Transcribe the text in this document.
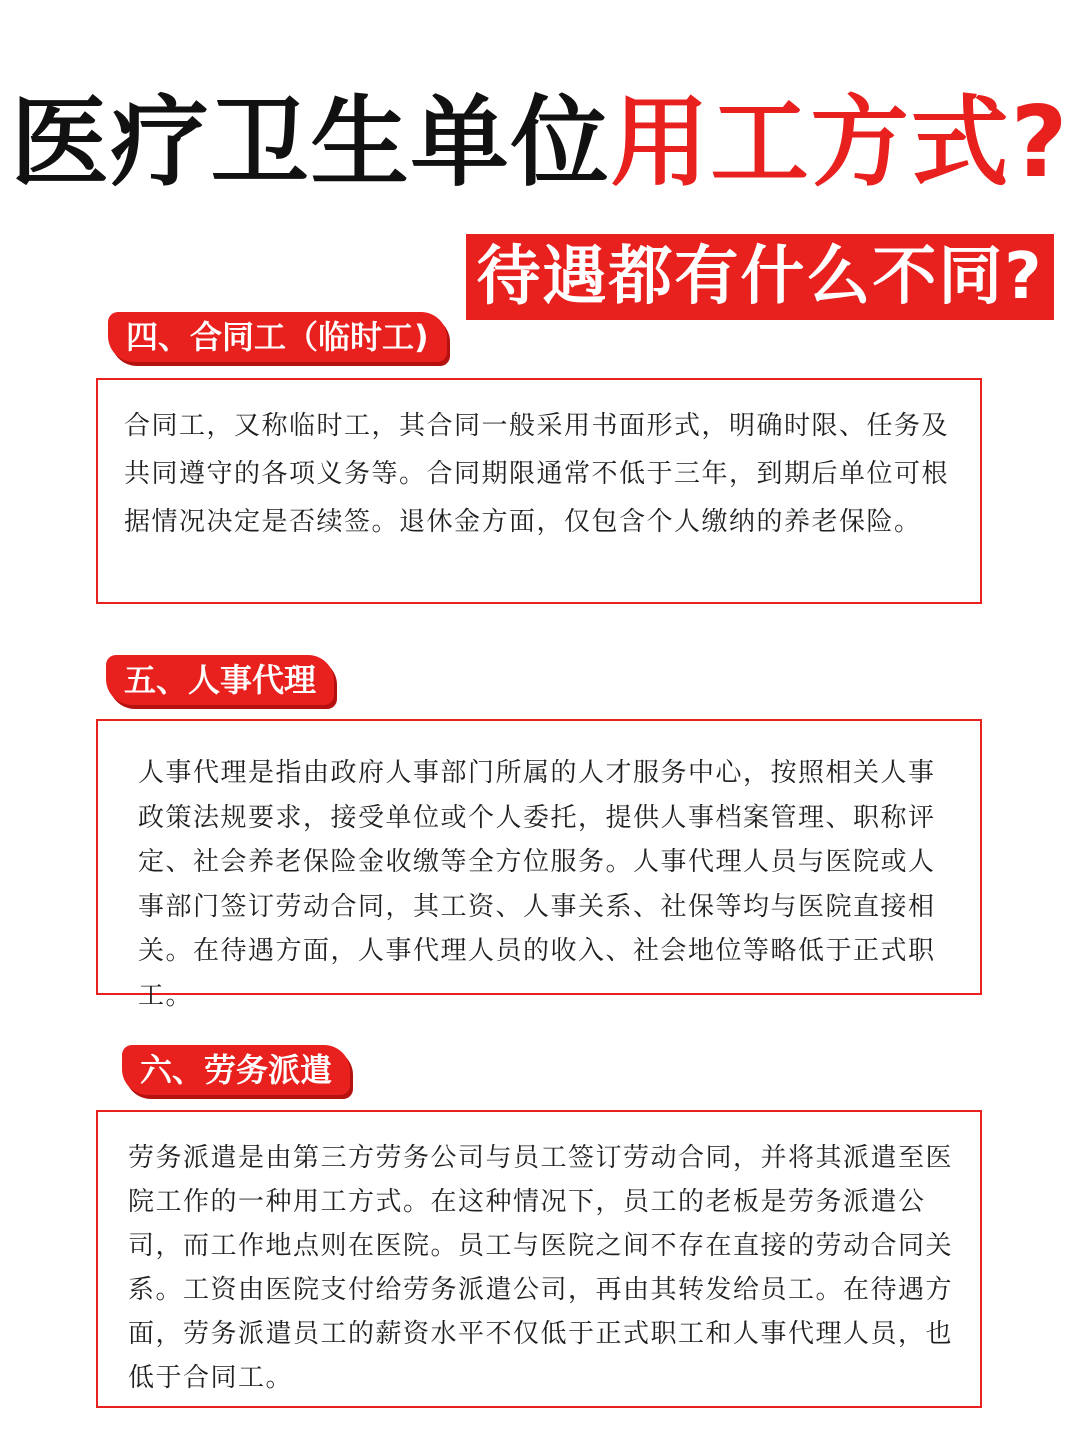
医疗卫生单位用工方式?
待遇都有什么不同?
四、合同工（临时工)

合同工，又称临时工，其合同一般采用书面形式，明确时限、任务及共同遵守的各项义务等。合同期限通常不低于三年，到期后单位可根据情况决定是否续签。退休金方面，仅包含个人缴纳的养老保险。

五、人事代理

人事代理是指由政府人事部门所属的人才服务中心，按照相关人事政策法规要求，接受单位或个人委托，提供人事档案管理、职称评定、社会养老保险金收缴等全方位服务。人事代理人员与医院或人事部门签订劳动合同，其工资、人事关系、社保等均与医院直接相关。在待遇方面，人事代理人员的收入、社会地位等略低于正式职工。

六、劳务派遣

劳务派遣是由第三方劳务公司与员工签订劳动合同，并将其派遣至医院工作的一种用工方式。在这种情况下，员工的老板是劳务派遣公司，而工作地点则在医院。员工与医院之间不存在直接的劳动合同关系。工资由医院支付给劳务派遣公司，再由其转发给员工。在待遇方面，劳务派遣员工的薪资水平不仅低于正式职工和人事代理人员，也低于合同工。
